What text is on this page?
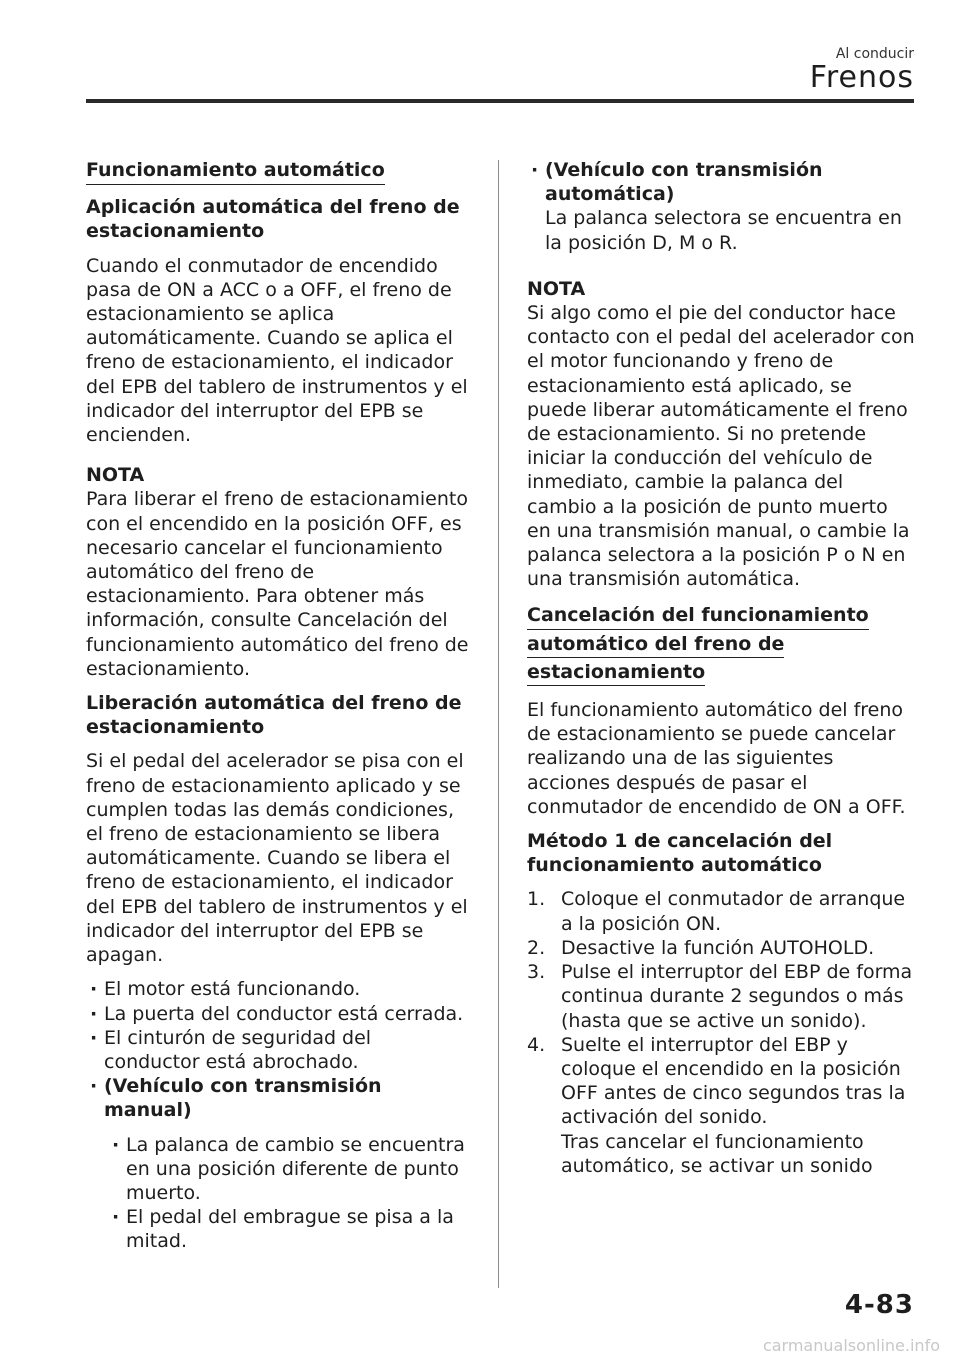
Al conducir
Frenos
Funcionamiento automático

Aplicación automática del freno de estacionamiento

Cuando el conmutador de encendido pasa de ON a ACC o a OFF, el freno de estacionamiento se aplica automáticamente. Cuando se aplica el freno de estacionamiento, el indicador del EPB del tablero de instrumentos y el indicador del interruptor del EPB se encienden.

NOTA

Para liberar el freno de estacionamiento con el encendido en la posición OFF, es necesario cancelar el funcionamiento automático del freno de estacionamiento. Para obtener más información, consulte Cancelación del funcionamiento automático del freno de estacionamiento.

Liberación automática del freno de estacionamiento

Si el pedal del acelerador se pisa con el freno de estacionamiento aplicado y se cumplen todas las demás condiciones, el freno de estacionamiento se libera automáticamente. Cuando se libera el freno de estacionamiento, el indicador del EPB del tablero de instrumentos y el indicador del interruptor del EPB se apagan.

· El motor está funcionando.
· La puerta del conductor está cerrada.
· El cinturón de seguridad del conductor está abrochado.
· (Vehículo con transmisión manual)
· La palanca de cambio se encuentra en una posición diferente de punto muerto.
· El pedal del embrague se pisa a la mitad.
· (Vehículo con transmisión automática)
La palanca selectora se encuentra en la posición D, M o R.

NOTA

Si algo como el pie del conductor hace contacto con el pedal del acelerador con el motor funcionando y freno de estacionamiento está aplicado, se puede liberar automáticamente el freno de estacionamiento. Si no pretende iniciar la conducción del vehículo de inmediato, cambie la palanca del cambio a la posición de punto muerto en una transmisión manual, o cambie la palanca selectora a la posición P o N en una transmisión automática.

Cancelación del funcionamiento
automático del freno de
estacionamiento

El funcionamiento automático del freno de estacionamiento se puede cancelar realizando una de las siguientes acciones después de pasar el conmutador de encendido de ON a OFF.

Método 1 de cancelación del funcionamiento automático

1. Coloque el conmutador de arranque a la posición ON.
2. Desactive la función AUTOHOLD.
3. Pulse el interruptor del EBP de forma continua durante 2 segundos o más (hasta que se active un sonido).
4. Suelte el interruptor del EBP y coloque el encendido en la posición OFF antes de cinco segundos tras la activación del sonido.
Tras cancelar el funcionamiento automático, se activar un sonido
4-83
carmanualsonline.info
